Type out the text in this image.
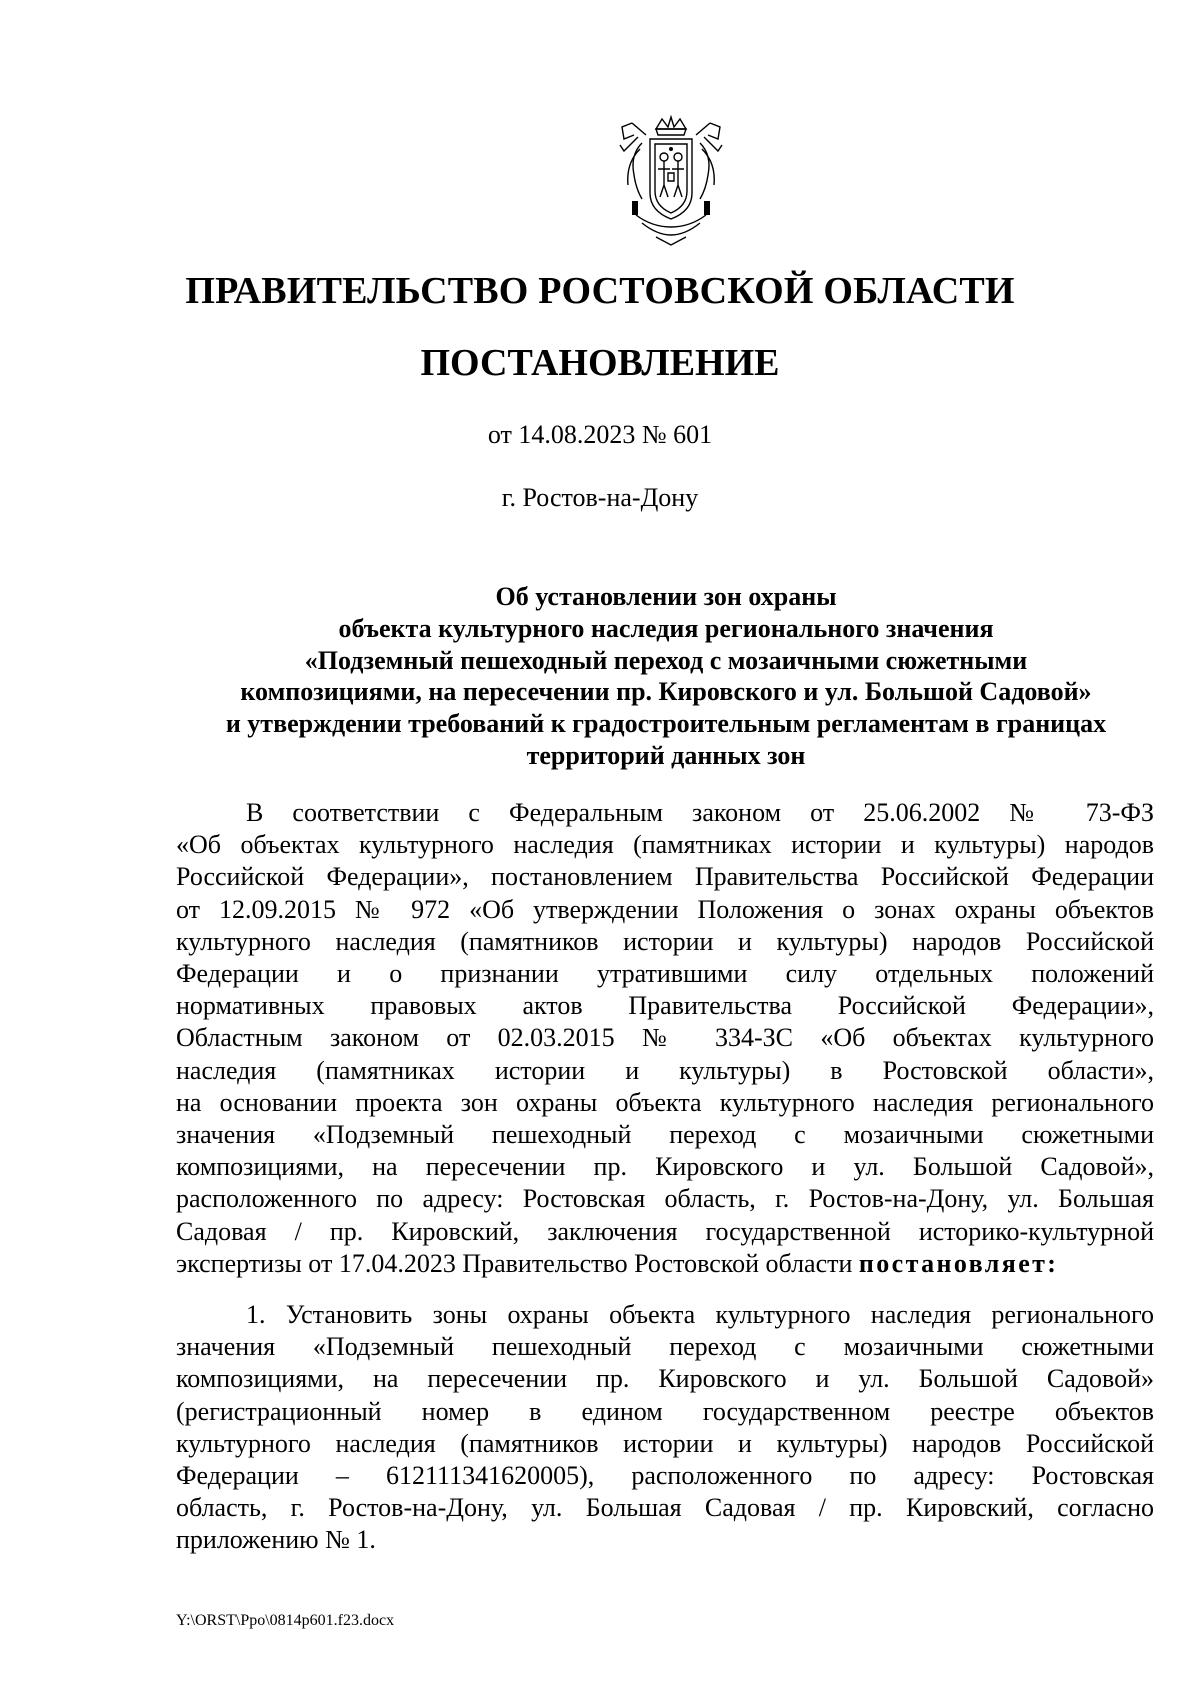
ПРАВИТЕЛЬСТВО РОСТОВСКОЙ ОБЛАСТИ
ПОСТАНОВЛЕНИЕ
от 14.08.2023 № 601
г. Ростов-на-Дону
Об установлении зон охраны
объекта культурного наследия регионального значения
«Подземный пешеходный переход с мозаичными сюжетными
композициями, на пересечении пр. Кировского и ул. Большой Садовой»
и утверждении требований к градостроительным регламентам в границах
территорий данных зон
В соответствии с Федеральным законом от 25.06.2002 № 73-ФЗ
«Об объектах культурного наследия (памятниках истории и культуры) народов
Российской Федерации», постановлением Правительства Российской Федерации
от 12.09.2015 № 972 «Об утверждении Положения о зонах охраны объектов
культурного наследия (памятников истории и культуры) народов Российской
Федерации и о признании утратившими силу отдельных положений
нормативных правовых актов Правительства Российской Федерации»,
Областным законом от 02.03.2015 № 334-ЗС «Об объектах культурного
наследия (памятниках истории и культуры) в Ростовской области»,
на основании проекта зон охраны объекта культурного наследия регионального
значения «Подземный пешеходный переход с мозаичными сюжетными
композициями, на пересечении пр. Кировского и ул. Большой Садовой»,
расположенного по адресу: Ростовская область, г. Ростов-на-Дону, ул. Большая
Садовая / пр. Кировский, заключения государственной историко-культурной
экспертизы от 17.04.2023 Правительство Ростовской области постановляет:
1. Установить зоны охраны объекта культурного наследия регионального
значения «Подземный пешеходный переход с мозаичными сюжетными
композициями, на пересечении пр. Кировского и ул. Большой Садовой»
(регистрационный номер в едином государственном реестре объектов
культурного наследия (памятников истории и культуры) народов Российской
Федерации – 612111341620005), расположенного по адресу: Ростовская
область, г. Ростов-на-Дону, ул. Большая Садовая / пр. Кировский, согласно
приложению № 1.
Y:\ORST\Ppo\0814p601.f23.docx
